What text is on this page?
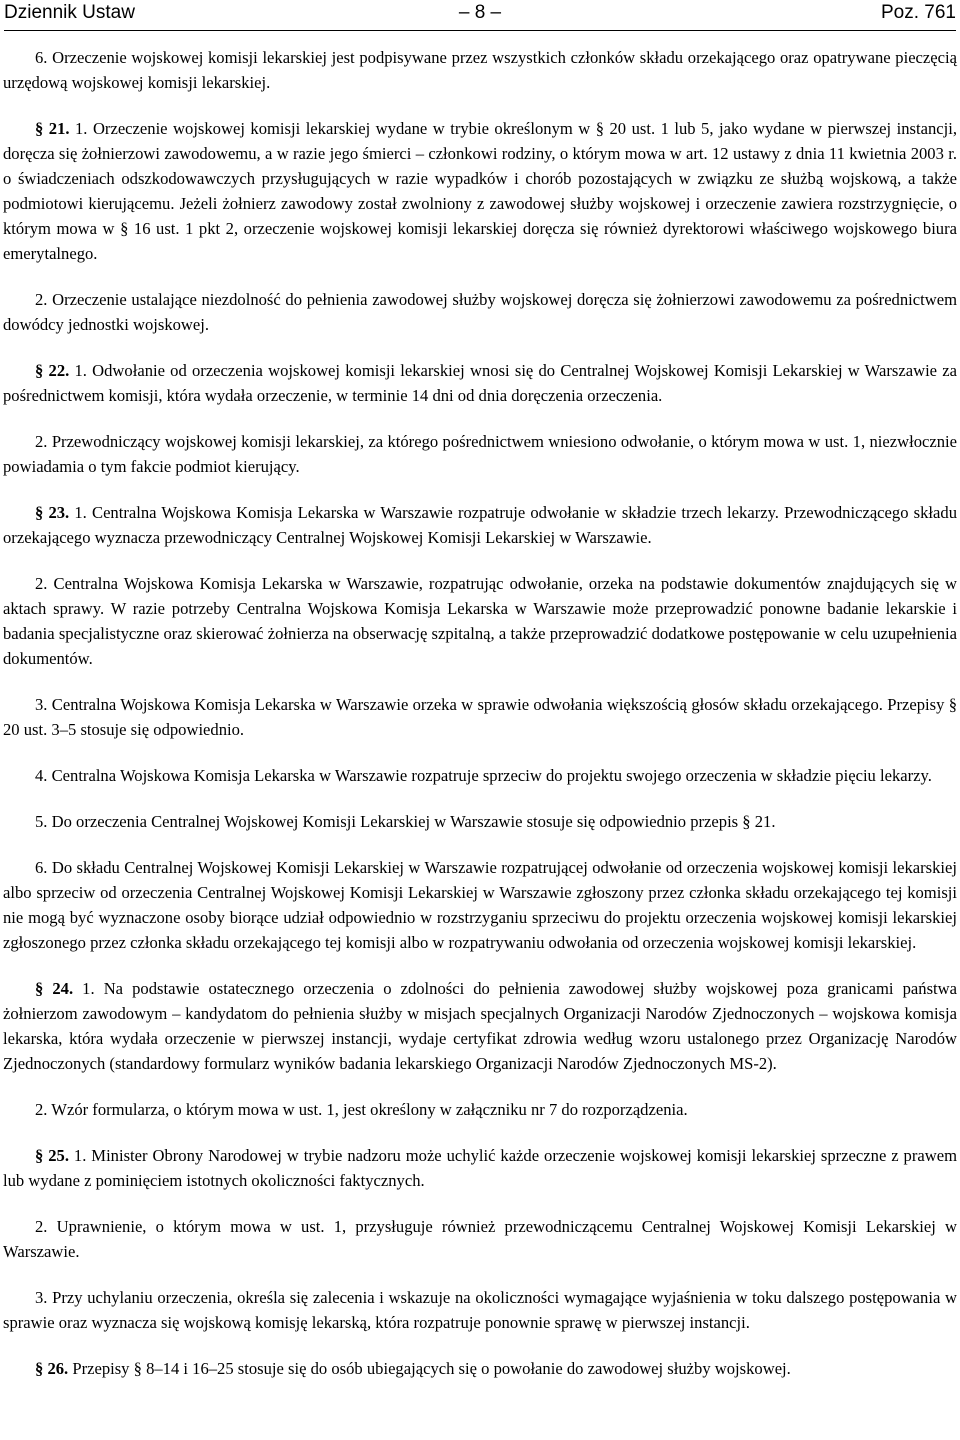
Dziennik Ustaw	– 8 –	Poz. 761

6. Orzeczenie wojskowej komisji lekarskiej jest podpisywane przez wszystkich członków składu orzekającego oraz opatrywane pieczęcią urzędową wojskowej komisji lekarskiej.

§ 21. 1. Orzeczenie wojskowej komisji lekarskiej wydane w trybie określonym w § 20 ust. 1 lub 5, jako wydane w pierwszej instancji, doręcza się żołnierzowi zawodowemu, a w razie jego śmierci – członkowi rodziny, o którym mowa w art. 12 ustawy z dnia 11 kwietnia 2003 r. o świadczeniach odszkodowawczych przysługujących w razie wypadków i chorób pozostających w związku ze służbą wojskową, a także podmiotowi kierującemu. Jeżeli żołnierz zawodowy został zwolniony z zawodowej służby wojskowej i orzeczenie zawiera rozstrzygnięcie, o którym mowa w § 16 ust. 1 pkt 2, orzeczenie wojskowej komisji lekarskiej doręcza się również dyrektorowi właściwego wojskowego biura emerytalnego.

2. Orzeczenie ustalające niezdolność do pełnienia zawodowej służby wojskowej doręcza się żołnierzowi zawodowemu za pośrednictwem dowódcy jednostki wojskowej.

§ 22. 1. Odwołanie od orzeczenia wojskowej komisji lekarskiej wnosi się do Centralnej Wojskowej Komisji Lekarskiej w Warszawie za pośrednictwem komisji, która wydała orzeczenie, w terminie 14 dni od dnia doręczenia orzeczenia.

2. Przewodniczący wojskowej komisji lekarskiej, za którego pośrednictwem wniesiono odwołanie, o którym mowa w ust. 1, niezwłocznie powiadamia o tym fakcie podmiot kierujący.

§ 23. 1. Centralna Wojskowa Komisja Lekarska w Warszawie rozpatruje odwołanie w składzie trzech lekarzy. Przewodniczącego składu orzekającego wyznacza przewodniczący Centralnej Wojskowej Komisji Lekarskiej w Warszawie.

2. Centralna Wojskowa Komisja Lekarska w Warszawie, rozpatrując odwołanie, orzeka na podstawie dokumentów znajdujących się w aktach sprawy. W razie potrzeby Centralna Wojskowa Komisja Lekarska w Warszawie może przeprowadzić ponowne badanie lekarskie i badania specjalistyczne oraz skierować żołnierza na obserwację szpitalną, a także przeprowadzić dodatkowe postępowanie w celu uzupełnienia dokumentów.

3. Centralna Wojskowa Komisja Lekarska w Warszawie orzeka w sprawie odwołania większością głosów składu orzekającego. Przepisy § 20 ust. 3–5 stosuje się odpowiednio.

4. Centralna Wojskowa Komisja Lekarska w Warszawie rozpatruje sprzeciw do projektu swojego orzeczenia w składzie pięciu lekarzy.

5. Do orzeczenia Centralnej Wojskowej Komisji Lekarskiej w Warszawie stosuje się odpowiednio przepis § 21.

6. Do składu Centralnej Wojskowej Komisji Lekarskiej w Warszawie rozpatrującej odwołanie od orzeczenia wojskowej komisji lekarskiej albo sprzeciw od orzeczenia Centralnej Wojskowej Komisji Lekarskiej w Warszawie zgłoszony przez członka składu orzekającego tej komisji nie mogą być wyznaczone osoby biorące udział odpowiednio w rozstrzyganiu sprzeciwu do projektu orzeczenia wojskowej komisji lekarskiej zgłoszonego przez członka składu orzekającego tej komisji albo w rozpatrywaniu odwołania od orzeczenia wojskowej komisji lekarskiej.

§ 24. 1. Na podstawie ostatecznego orzeczenia o zdolności do pełnienia zawodowej służby wojskowej poza granicami państwa żołnierzom zawodowym – kandydatom do pełnienia służby w misjach specjalnych Organizacji Narodów Zjednoczonych – wojskowa komisja lekarska, która wydała orzeczenie w pierwszej instancji, wydaje certyfikat zdrowia według wzoru ustalonego przez Organizację Narodów Zjednoczonych (standardowy formularz wyników badania lekarskiego Organizacji Narodów Zjednoczonych MS-2).

2. Wzór formularza, o którym mowa w ust. 1, jest określony w załączniku nr 7 do rozporządzenia.

§ 25. 1. Minister Obrony Narodowej w trybie nadzoru może uchylić każde orzeczenie wojskowej komisji lekarskiej sprzeczne z prawem lub wydane z pominięciem istotnych okoliczności faktycznych.

2. Uprawnienie, o którym mowa w ust. 1, przysługuje również przewodniczącemu Centralnej Wojskowej Komisji Lekarskiej w Warszawie.

3. Przy uchylaniu orzeczenia, określa się zalecenia i wskazuje na okoliczności wymagające wyjaśnienia w toku dalszego postępowania w sprawie oraz wyznacza się wojskową komisję lekarską, która rozpatruje ponownie sprawę w pierwszej instancji.

§ 26. Przepisy § 8–14 i 16–25 stosuje się do osób ubiegających się o powołanie do zawodowej służby wojskowej.
